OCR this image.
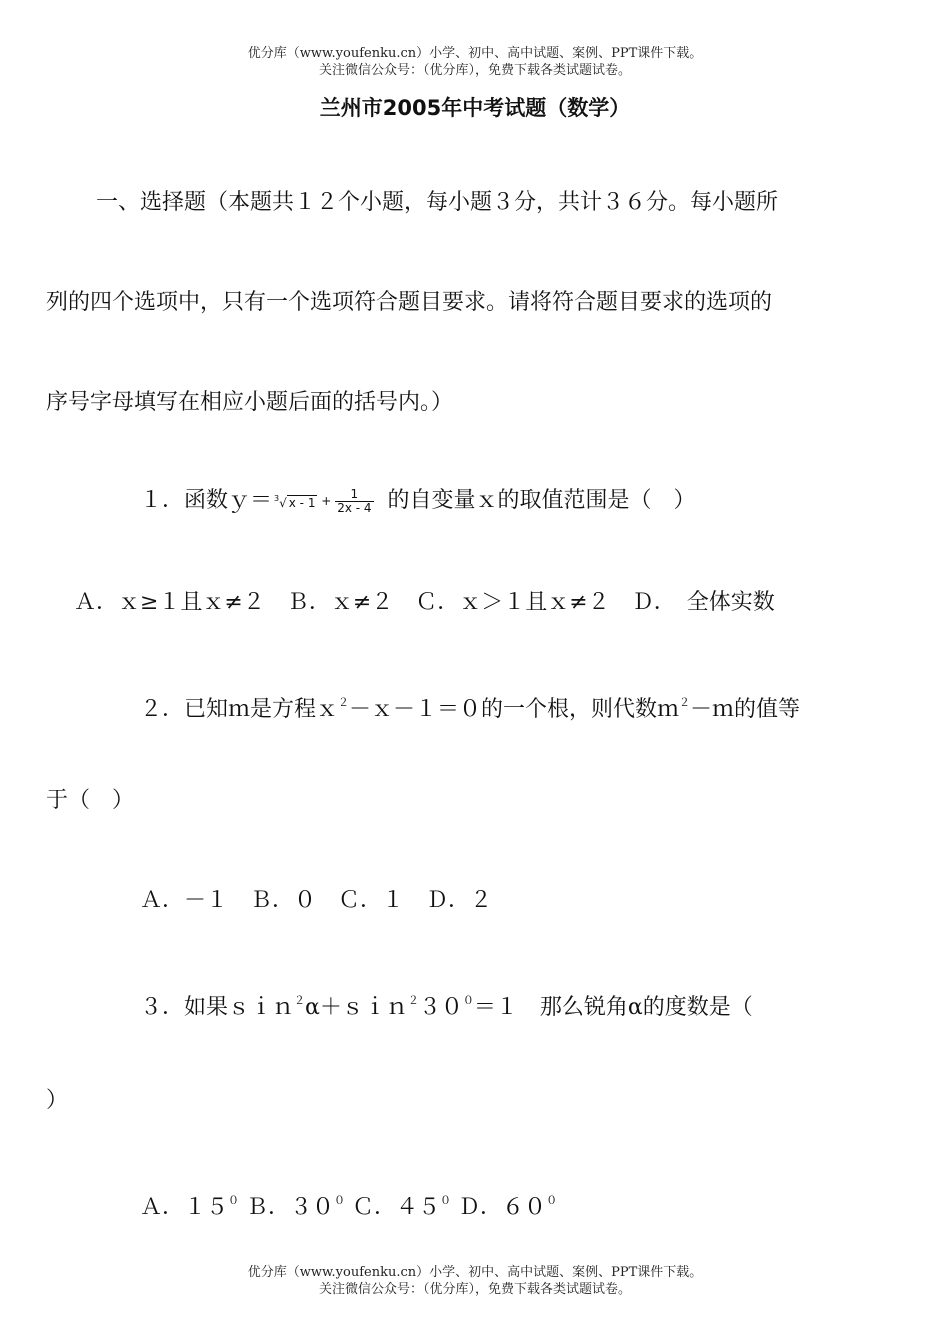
优分库（www.youfenku.cn）小学、初中、高中试题、案例、PPT课件下载。
关注微信公众号：（优分库），免费下载各类试题试卷。
兰州市2005年中考试题（数学）
一、选择题（本题共１２个小题，每小题３分，共计３６分。每小题所
列的四个选项中，只有一个选项符合题目要求。请将符合题目要求的选项的
序号字母填写在相应小题后面的括号内。）
１．函数ｙ＝ $^3$√ $x - 1 + \frac{1}{2x - 4}$ 的自变量ｘ的取值范围是（　）
Ａ．ｘ≥１且ｘ≠２　Ｂ．ｘ≠２　Ｃ．ｘ＞１且ｘ≠２　Ｄ．　全体实数
２．已知ｍ是方程ｘ$^2$－ｘ－１＝０的一个根，则代数ｍ$^2$－ｍ的值等
于（　）
Ａ．－１　Ｂ．０　Ｃ．１　Ｄ．２
３．如果$sin^2\alpha+sin^230^0=1$　那么锐角α的度数是（
）
Ａ．$15^0$ Ｂ．$30^0$ Ｃ．$45^0$ Ｄ．$60^0$
优分库（www.youfenku.cn）小学、初中、高中试题、案例、PPT课件下载。
关注微信公众号：（优分库），免费下载各类试题试卷。
